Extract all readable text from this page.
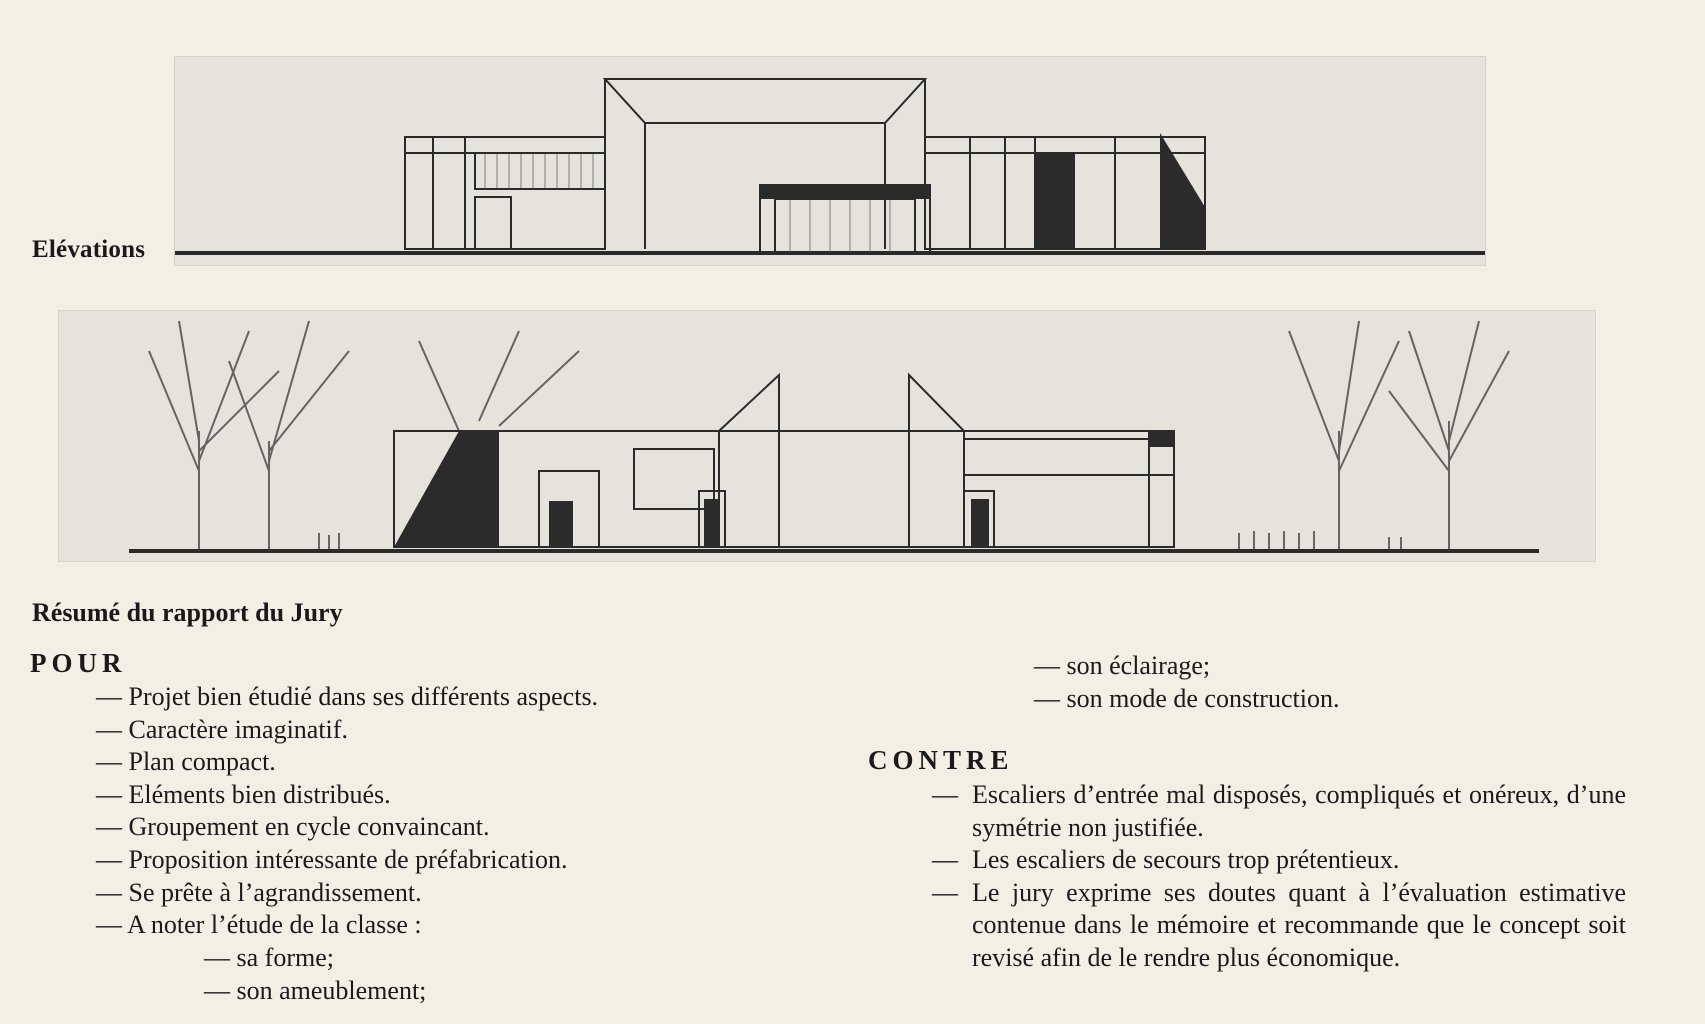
Elévations
Résumé du rapport du Jury
POUR
— Projet bien étudié dans ses différents aspects.
— Caractère imaginatif.
— Plan compact.
— Eléments bien distribués.
— Groupement en cycle convaincant.
— Proposition intéressante de préfabrication.
— Se prête à l’agrandissement.
— A noter l’étude de la classe :
— sa forme;
— son ameublement;
— son éclairage;
— son mode de construction.
CONTRE
— Escaliers d’entrée mal disposés, compliqués et onéreux, d’une symétrie non justifiée.
— Les escaliers de secours trop prétentieux.
— Le jury exprime ses doutes quant à l’évaluation estimative contenue dans le mémoire et recommande que le concept soit revisé afin de le rendre plus économique.
